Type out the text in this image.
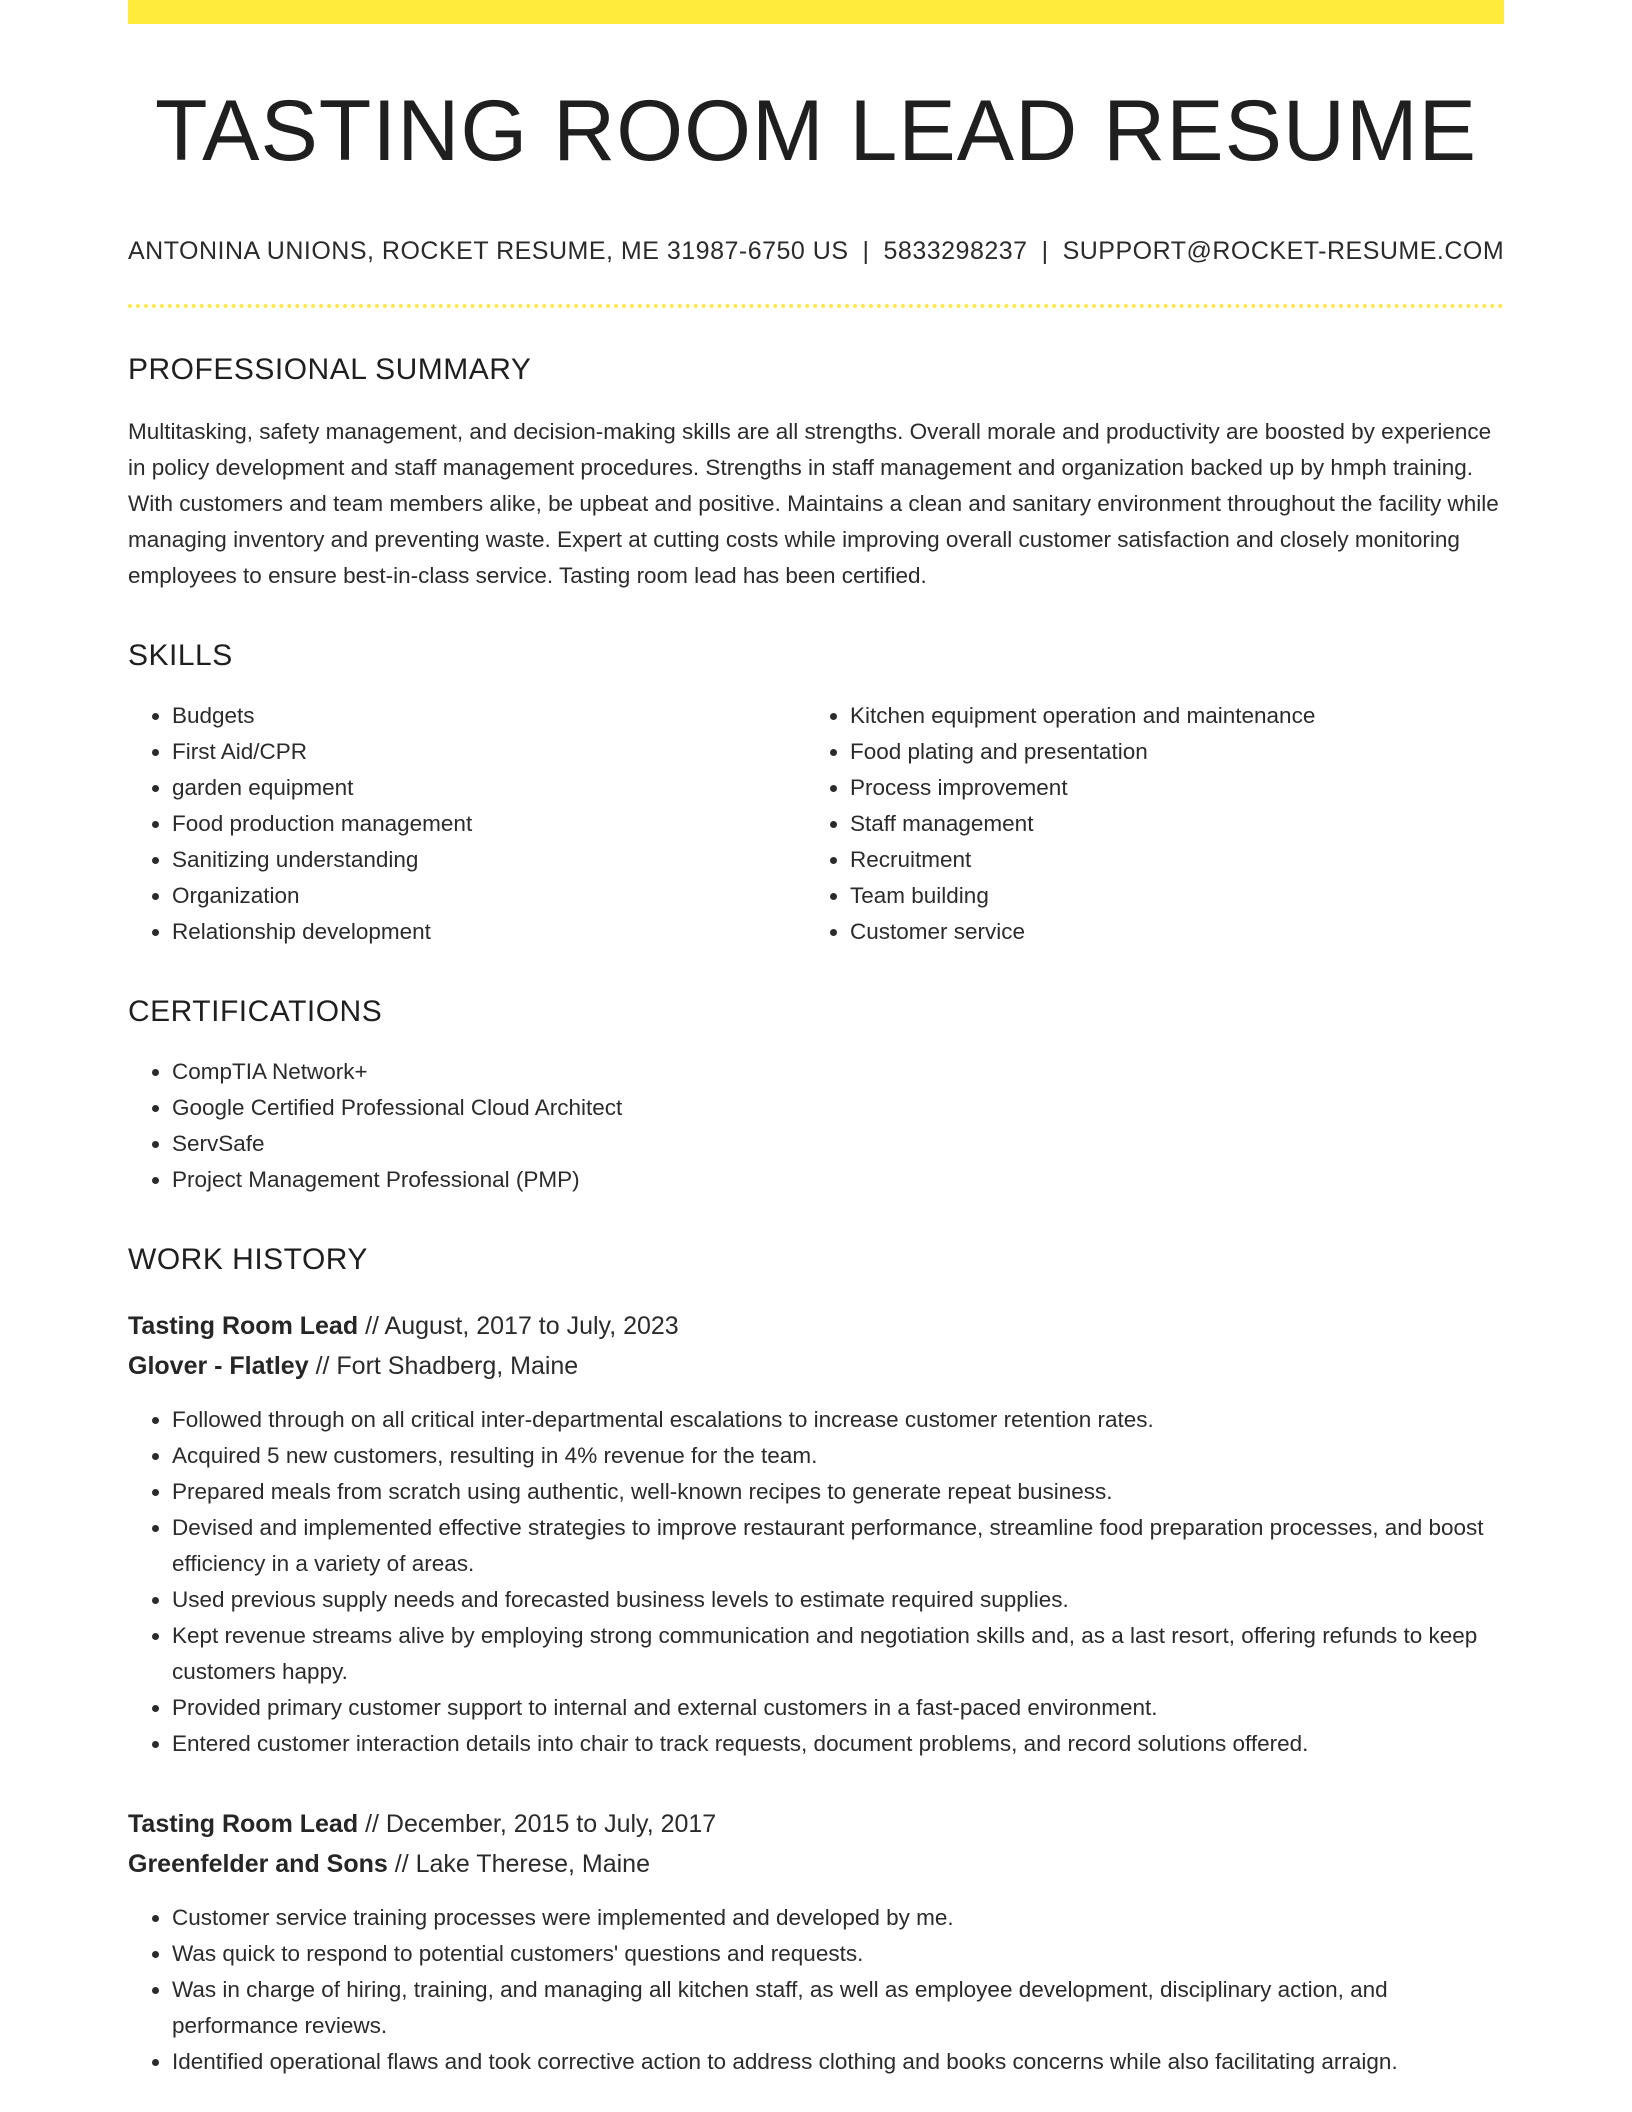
TASTING ROOM LEAD RESUME
ANTONINA UNIONS, ROCKET RESUME, ME 31987-6750 US | 5833298237 | SUPPORT@ROCKET-RESUME.COM
PROFESSIONAL SUMMARY

Multitasking, safety management, and decision-making skills are all strengths. Overall morale and productivity are boosted by experience in policy development and staff management procedures. Strengths in staff management and organization backed up by hmph training. With customers and team members alike, be upbeat and positive. Maintains a clean and sanitary environment throughout the facility while managing inventory and preventing waste. Expert at cutting costs while improving overall customer satisfaction and closely monitoring employees to ensure best-in-class service. Tasting room lead has been certified.

SKILLS
• Budgets
• First Aid/CPR
• garden equipment
• Food production management
• Sanitizing understanding
• Organization
• Relationship development
• Kitchen equipment operation and maintenance
• Food plating and presentation
• Process improvement
• Staff management
• Recruitment
• Team building
• Customer service
CERTIFICATIONS
• CompTIA Network+
• Google Certified Professional Cloud Architect
• ServSafe
• Project Management Professional (PMP)
WORK HISTORY
Tasting Room Lead // August, 2017 to July, 2023
Glover - Flatley // Fort Shadberg, Maine
• Followed through on all critical inter-departmental escalations to increase customer retention rates.
• Acquired 5 new customers, resulting in 4% revenue for the team.
• Prepared meals from scratch using authentic, well-known recipes to generate repeat business.
• Devised and implemented effective strategies to improve restaurant performance, streamline food preparation processes, and boost efficiency in a variety of areas.
• Used previous supply needs and forecasted business levels to estimate required supplies.
• Kept revenue streams alive by employing strong communication and negotiation skills and, as a last resort, offering refunds to keep customers happy.
• Provided primary customer support to internal and external customers in a fast-paced environment.
• Entered customer interaction details into chair to track requests, document problems, and record solutions offered.
Tasting Room Lead // December, 2015 to July, 2017
Greenfelder and Sons // Lake Therese, Maine
• Customer service training processes were implemented and developed by me.
• Was quick to respond to potential customers' questions and requests.
• Was in charge of hiring, training, and managing all kitchen staff, as well as employee development, disciplinary action, and performance reviews.
• Identified operational flaws and took corrective action to address clothing and books concerns while also facilitating arraign.
